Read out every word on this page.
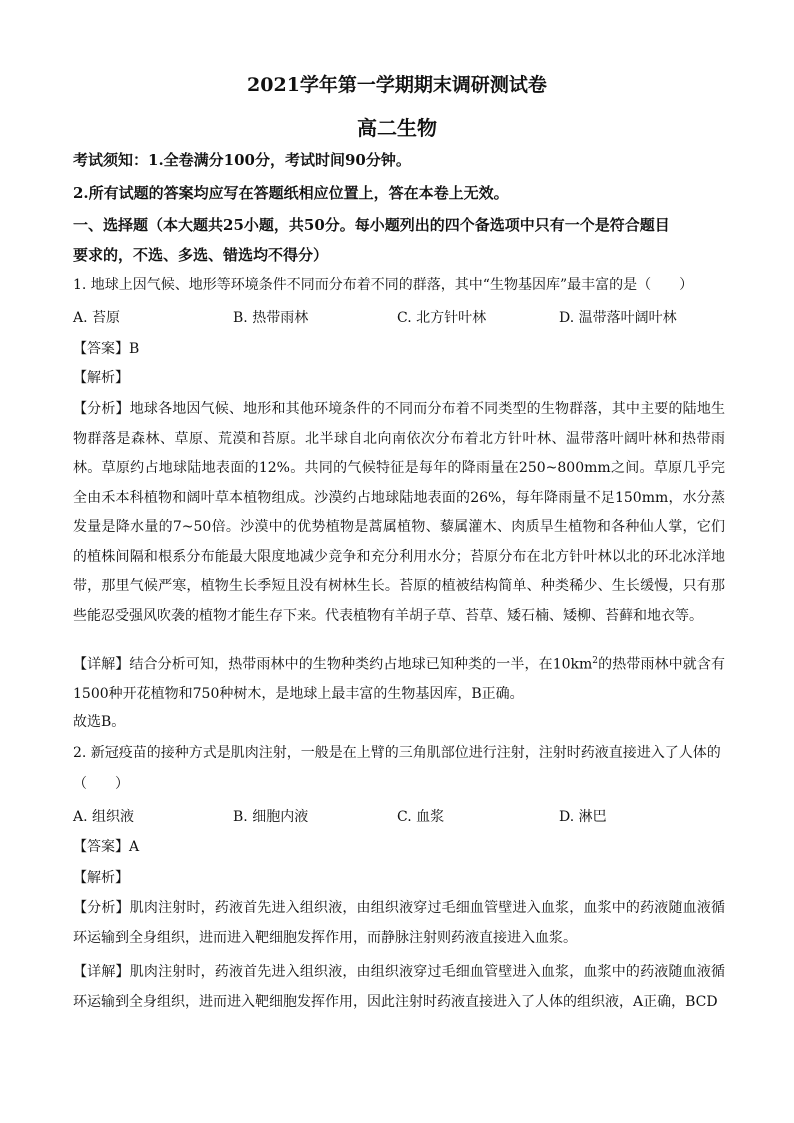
2021学年第一学期期末调研测试卷
高二生物
考试须知：1.全卷满分100分，考试时间90分钟。
2.所有试题的答案均应写在答题纸相应位置上，答在本卷上无效。
一、选择题（本大题共25小题，共50分。每小题列出的四个备选项中只有一个是符合题目
要求的，不选、多选、错选均不得分）
1. 地球上因气候、地形等环境条件不同而分布着不同的群落，其中“生物基因库”最丰富的是（　　）
A. 苔原	B. 热带雨林	C. 北方针叶林	D. 温带落叶阔叶林
【答案】B
【解析】
【分析】地球各地因气候、地形和其他环境条件的不同而分布着不同类型的生物群落，其中主要的陆地生物群落是森林、草原、荒漠和苔原。北半球自北向南依次分布着北方针叶林、温带落叶阔叶林和热带雨林。草原约占地球陆地表面的12%。共同的气候特征是每年的降雨量在250~800mm之间。草原几乎完全由禾本科植物和阔叶草本植物组成。沙漠约占地球陆地表面的26%，每年降雨量不足150mm，水分蒸发量是降水量的7~50倍。沙漠中的优势植物是蒿属植物、藜属灌木、肉质旱生植物和各种仙人掌，它们的植株间隔和根系分布能最大限度地减少竞争和充分利用水分；苔原分布在北方针叶林以北的环北冰洋地带，那里气候严寒，植物生长季短且没有树林生长。苔原的植被结构简单、种类稀少、生长缓慢，只有那些能忍受强风吹袭的植物才能生存下来。代表植物有羊胡子草、苔草、矮石楠、矮柳、苔藓和地衣等。
【详解】结合分析可知，热带雨林中的生物种类约占地球已知种类的一半，在$10km^2$的热带雨林中就含有1500种开花植物和750种树木，是地球上最丰富的生物基因库，B正确。
故选B。
2. 新冠疫苗的接种方式是肌肉注射，一般是在上臂的三角肌部位进行注射，注射时药液直接进入了人体的
（　　）
A. 组织液	B. 细胞内液	C. 血浆	D. 淋巴
【答案】A
【解析】
【分析】肌肉注射时，药液首先进入组织液，由组织液穿过毛细血管壁进入血浆，血浆中的药液随血液循环运输到全身组织，进而进入靶细胞发挥作用，而静脉注射则药液直接进入血浆。
【详解】肌肉注射时，药液首先进入组织液，由组织液穿过毛细血管壁进入血浆，血浆中的药液随血液循环运输到全身组织，进而进入靶细胞发挥作用，因此注射时药液直接进入了人体的组织液，A正确，BCD
